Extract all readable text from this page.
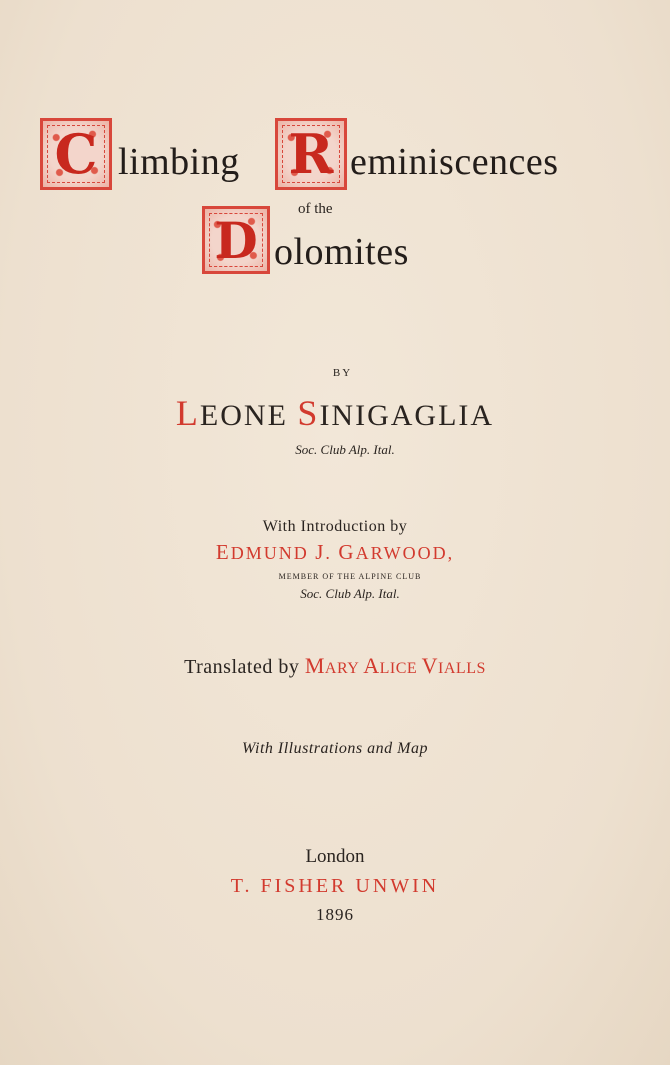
C limbing R eminiscences
of the
D olomites
BY
LEONE SINIGAGLIA
Soc. Club Alp. Ital.
With Introduction by
EDMUND J. GARWOOD,
MEMBER OF THE ALPINE CLUB
Soc. Club Alp. Ital.
Translated by MARY ALICE VIALLS
With Illustrations and Map
London
T. FISHER UNWIN
1896
